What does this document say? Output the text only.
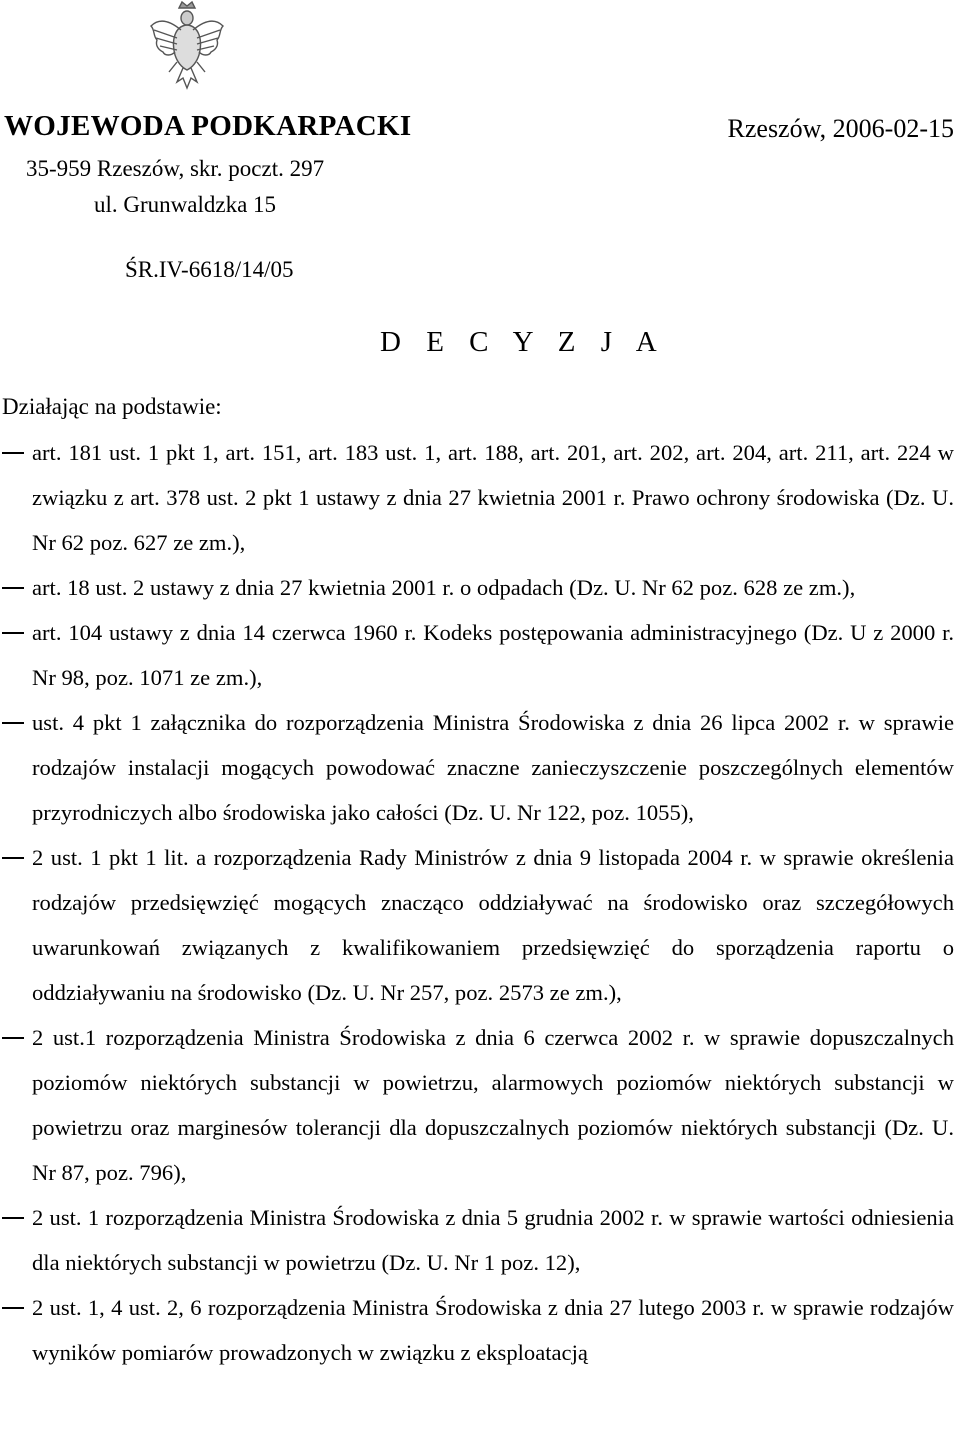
WOJEWODA PODKARPACKI	Rzeszów, 2006-02-15
35-959 Rzeszów, skr. poczt. 297
ul. Grunwaldzka 15
ŚR.IV-6618/14/05
D E C Y Z J A
Działając na podstawie:
art. 181 ust. 1 pkt 1, art. 151, art. 183 ust. 1, art. 188, art. 201, art. 202, art. 204, art. 211, art. 224 w związku z art. 378 ust. 2 pkt 1 ustawy z dnia 27 kwietnia 2001 r. Prawo ochrony środowiska (Dz. U. Nr 62 poz. 627 ze zm.),
art. 18 ust. 2 ustawy z dnia 27 kwietnia 2001 r. o odpadach (Dz. U. Nr 62 poz. 628 ze zm.),
art. 104 ustawy z dnia 14 czerwca 1960 r. Kodeks postępowania administracyjnego (Dz. U z 2000 r. Nr 98, poz. 1071 ze zm.),
ust. 4 pkt 1 załącznika do rozporządzenia Ministra Środowiska z dnia 26 lipca 2002 r. w sprawie rodzajów instalacji mogących powodować znaczne zanieczyszczenie poszczególnych elementów przyrodniczych albo środowiska jako całości (Dz. U. Nr 122, poz. 1055),
2 ust. 1 pkt 1 lit. a rozporządzenia Rady Ministrów z dnia 9 listopada 2004 r. w sprawie określenia rodzajów przedsięwzięć mogących znacząco oddziaływać na środowisko oraz szczegółowych uwarunkowań związanych z kwalifikowaniem przedsięwzięć do sporządzenia raportu o oddziaływaniu na środowisko (Dz. U. Nr 257, poz. 2573 ze zm.),
2 ust.1 rozporządzenia Ministra Środowiska z dnia 6 czerwca 2002 r. w sprawie dopuszczalnych poziomów niektórych substancji w powietrzu, alarmowych poziomów niektórych substancji w powietrzu oraz marginesów tolerancji dla dopuszczalnych poziomów niektórych substancji (Dz. U. Nr 87, poz. 796),
2 ust. 1 rozporządzenia Ministra Środowiska z dnia 5 grudnia 2002 r. w sprawie wartości odniesienia dla niektórych substancji w powietrzu (Dz. U. Nr 1 poz. 12),
2 ust. 1, 4 ust. 2, 6 rozporządzenia Ministra Środowiska z dnia 27 lutego 2003 r. w sprawie rodzajów wyników pomiarów prowadzonych w związku z eksploatacją
